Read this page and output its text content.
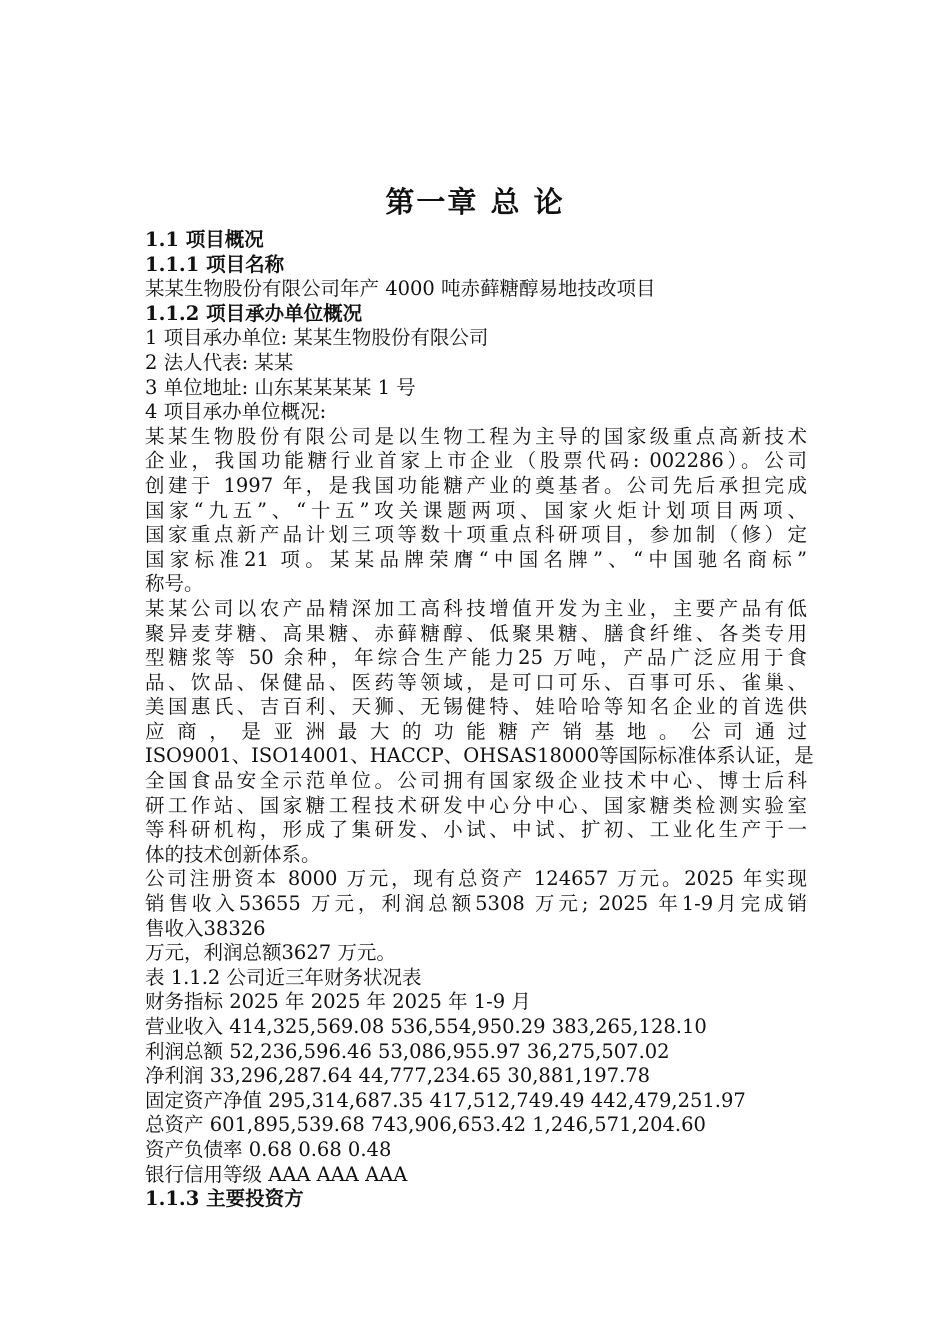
第一章 总 论
1.1 项目概况
1.1.1 项目名称
某某生物股份有限公司年产 4000 吨赤藓糖醇易地技改项目
1.1.2 项目承办单位概况
1 项目承办单位: 某某生物股份有限公司
2 法人代表: 某某
3 单位地址: 山东某某某某 1 号
4 项目承办单位概况:
某某生物股份有限公司是以生物工程为主导的国家级重点高新技术
企业，我国功能糖行业首家上市企业（股票代码: 002286）。公司
创建于 1997 年，是我国功能糖产业的奠基者。公司先后承担完成
国家“九五”、“十五”攻关课题两项、国家火炬计划项目两项、
国家重点新产品计划三项等数十项重点科研项目，参加制（修）定
国家标准21 项。某某品牌荣膺“中国名牌”、“中国驰名商标”
称号。
某某公司以农产品精深加工高科技增值开发为主业，主要产品有低
聚异麦芽糖、高果糖、赤藓糖醇、低聚果糖、膳食纤维、各类专用
型糖浆等 50 余种，年综合生产能力25 万吨，产品广泛应用于食
品、饮品、保健品、医药等领域，是可口可乐、百事可乐、雀巢、
美国惠氏、吉百利、天狮、无锡健特、娃哈哈等知名企业的首选供
应 商 ， 是 亚 洲 最 大 的 功 能 糖 产 销 基 地 。 公 司 通 过
ISO9001、ISO14001、HACCP、OHSAS18000等国际标准体系认证，是
全国食品安全示范单位。公司拥有国家级企业技术中心、博士后科
研工作站、国家糖工程技术研发中心分中心、国家糖类检测实验室
等科研机构，形成了集研发、小试、中试、扩初、工业化生产于一
体的技术创新体系。
公司注册资本 8000 万元，现有总资产 124657 万元。2025 年实现
销售收入53655 万元，利润总额5308 万元; 2025 年1-9月完成销
售收入38326
万元，利润总额3627 万元。
表 1.1.2 公司近三年财务状况表
财务指标 2025 年 2025 年 2025 年 1-9 月
营业收入 414,325,569.08 536,554,950.29 383,265,128.10
利润总额 52,236,596.46 53,086,955.97 36,275,507.02
净利润 33,296,287.64 44,777,234.65 30,881,197.78
固定资产净值 295,314,687.35 417,512,749.49 442,479,251.97
总资产 601,895,539.68 743,906,653.42 1,246,571,204.60
资产负债率 0.68 0.68 0.48
银行信用等级 AAA AAA AAA
1.1.3 主要投资方
